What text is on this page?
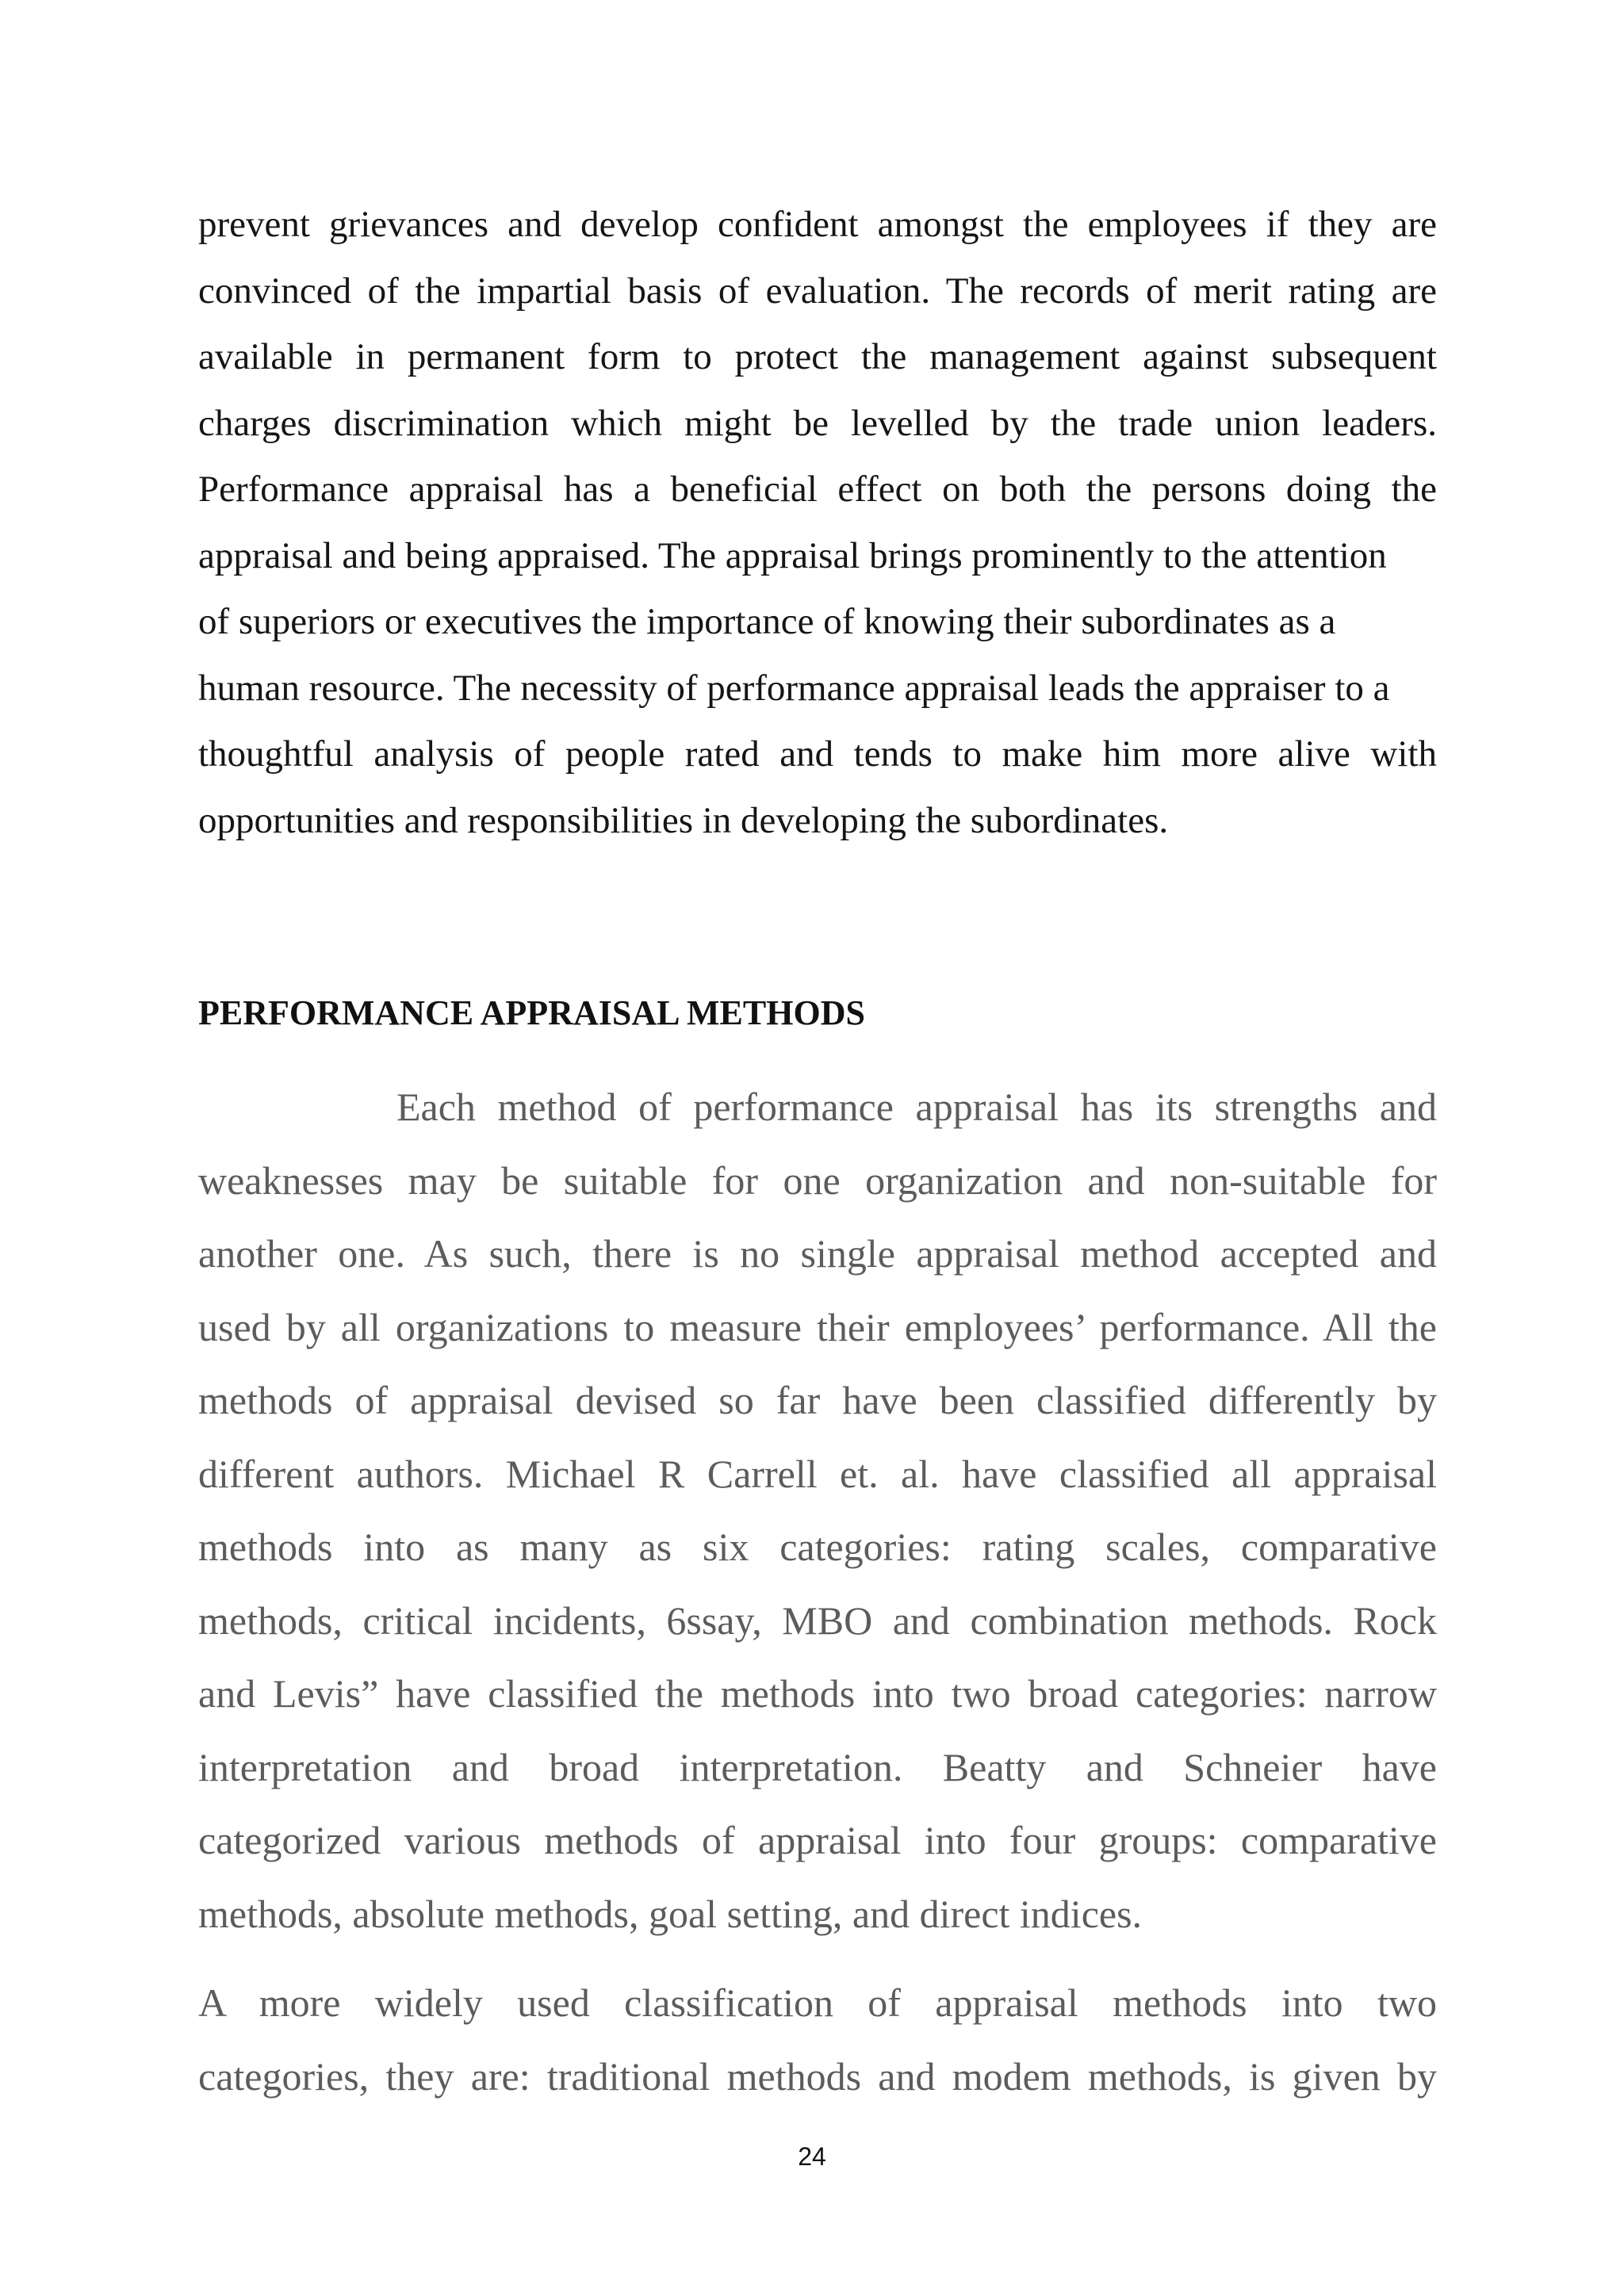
prevent grievances and develop confident amongst the employees if they are
convinced of the impartial basis of evaluation. The records of merit rating are
available in permanent form to protect the management against subsequent
charges discrimination which might be levelled by the trade union leaders.
Performance appraisal has a beneficial effect on both the persons doing the
appraisal and being appraised. The appraisal brings prominently to the attention
of superiors or executives the importance of knowing their subordinates as a
human resource. The necessity of performance appraisal leads the appraiser to a
thoughtful analysis of people rated and tends to make him more alive with
opportunities and responsibilities in developing the subordinates.
PERFORMANCE APPRAISAL METHODS
Each method of performance appraisal has its strengths and
weaknesses may be suitable for one organization and non-suitable for
another one. As such, there is no single appraisal method accepted and
used by all organizations to measure their employees’ performance. All the
methods of appraisal devised so far have been classified differently by
different authors. Michael R Carrell et. al. have classified all appraisal
methods into as many as six categories: rating scales, comparative
methods, critical incidents, 6ssay, MBO and combination methods. Rock
and Levis” have classified the methods into two broad categories: narrow
interpretation and broad interpretation. Beatty and Schneier have
categorized various methods of appraisal into four groups: comparative
methods, absolute methods, goal setting, and direct indices.
A more widely used classification of appraisal methods into two
categories, they are: traditional methods and modem methods, is given by
24
